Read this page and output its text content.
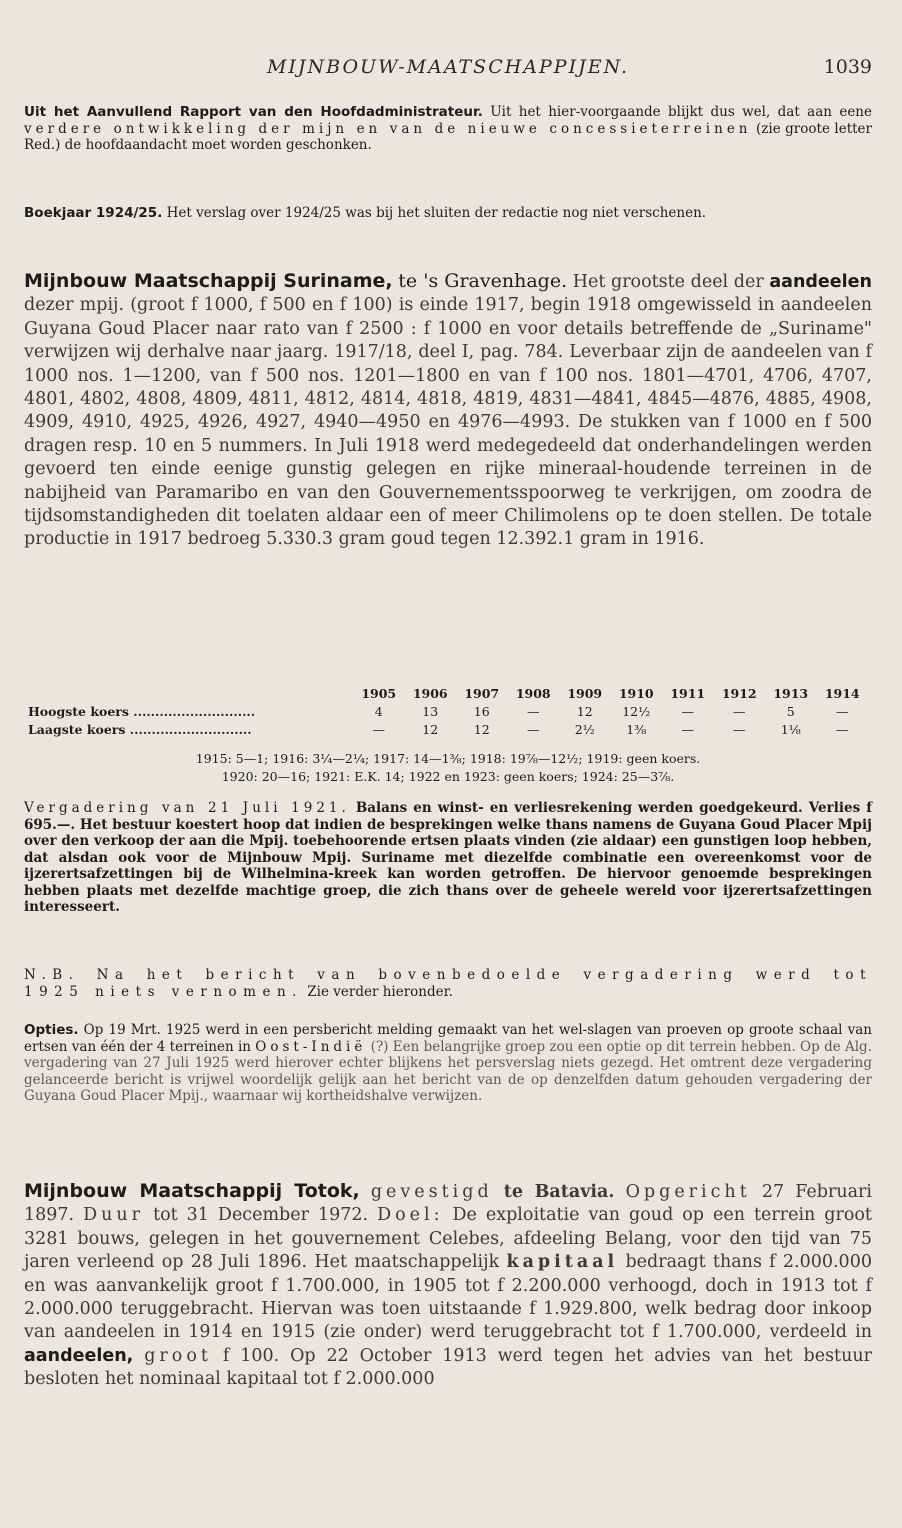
MIJNBOUW-MAATSCHAPPIJEN.	1039

Uit het Aanvullend Rapport van den Hoofdadministrateur. Uit het hier-voorgaande blijkt dus wel, dat aan eene verdere ontwikkeling der mijn en van de nieuwe concessieterreinen (zie groote letter Red.) de hoofdaandacht moet worden geschonken.

Boekjaar 1924/25. Het verslag over 1924/25 was bij het sluiten der redactie nog niet verschenen.

Mijnbouw Maatschappij Suriname, te 's Gravenhage. Het grootste deel der aandeelen dezer mpij. (groot f 1000, f 500 en f 100) is einde 1917, begin 1918 omgewisseld in aandeelen Guyana Goud Placer naar rato van f 2500 : f 1000 en voor details betreffende de „Suriname" verwijzen wij derhalve naar jaarg. 1917/18, deel I, pag. 784. Leverbaar zijn de aandeelen van f 1000 nos. 1—1200, van f 500 nos. 1201—1800 en van f 100 nos. 1801—4701, 4706, 4707, 4801, 4802, 4808, 4809, 4811, 4812, 4814, 4818, 4819, 4831—4841, 4845—4876, 4885, 4908, 4909, 4910, 4925, 4926, 4927, 4940—4950 en 4976—4993. De stukken van f 1000 en f 500 dragen resp. 10 en 5 nummers. In Juli 1918 werd medegedeeld dat onderhandelingen werden gevoerd ten einde eenige gunstig gelegen en rijke mineraal-houdende terreinen in de nabijheid van Paramaribo en van den Gouvernementsspoorweg te verkrijgen, om zoodra de tijdsomstandigheden dit toelaten aldaar een of meer Chilimolens op te doen stellen. De totale productie in 1917 bedroeg 5.330.3 gram goud tegen 12.392.1 gram in 1916.

	1905	1906	1907	1908	1909	1910	1911	1912	1913	1914
Hoogste koers ............................	4	13	16	—	12	12½	—	—	5	—
Laagste koers ............................	—	12	12	—	2½	1⅜	—	—	1⅛	—
1915: 5—1; 1916: 3¼—2¼; 1917: 14—1⅜; 1918: 19⅞—12½; 1919: geen koers.
1920: 20—16; 1921: E.K. 14; 1922 en 1923: geen koers; 1924: 25—3⅞.

Vergadering van 21 Juli 1921. Balans en winst- en verliesrekening werden goedgekeurd. Verlies f 695.—. Het bestuur koestert hoop dat indien de besprekingen welke thans namens de Guyana Goud Placer Mpij over den verkoop der aan die Mpij. toebehoorende ertsen plaats vinden (zie aldaar) een gunstigen loop hebben, dat alsdan ook voor de Mijnbouw Mpij. Suriname met diezelfde combinatie een overeenkomst voor de ijzerertsafzettingen bij de Wilhelmina-kreek kan worden getroffen. De hiervoor genoemde besprekingen hebben plaats met dezelfde machtige groep, die zich thans over de geheele wereld voor ijzerertsafzettingen interesseert.

N.B. Na het bericht van bovenbedoelde vergadering werd tot 1925 niets vernomen. Zie verder hieronder.

Opties. Op 19 Mrt. 1925 werd in een persbericht melding gemaakt van het wel-slagen van proeven op groote schaal van ertsen van één der 4 terreinen in Oost-Indië (?) Een belangrijke groep zou een optie op dit terrein hebben. Op de Alg. vergadering van 27 Juli 1925 werd hierover echter blijkens het persverslag niets gezegd. Het omtrent deze vergadering gelanceerde bericht is vrijwel woordelijk gelijk aan het bericht van de op denzelfden datum gehouden vergadering der Guyana Goud Placer Mpij., waarnaar wij kortheidshalve verwijzen.

Mijnbouw Maatschappij Totok, gevestigd te Batavia. Opgericht 27 Februari 1897. Duur tot 31 December 1972. Doel: De exploitatie van goud op een terrein groot 3281 bouws, gelegen in het gouvernement Celebes, afdeeling Belang, voor den tijd van 75 jaren verleend op 28 Juli 1896. Het maatschappelijk kapitaal bedraagt thans f 2.000.000 en was aanvankelijk groot f 1.700.000, in 1905 tot f 2.200.000 verhoogd, doch in 1913 tot f 2.000.000 teruggebracht. Hiervan was toen uitstaande f 1.929.800, welk bedrag door inkoop van aandeelen in 1914 en 1915 (zie onder) werd teruggebracht tot f 1.700.000, verdeeld in aandeelen, groot f 100. Op 22 October 1913 werd tegen het advies van het bestuur besloten het nominaal kapitaal tot f 2.000.000
